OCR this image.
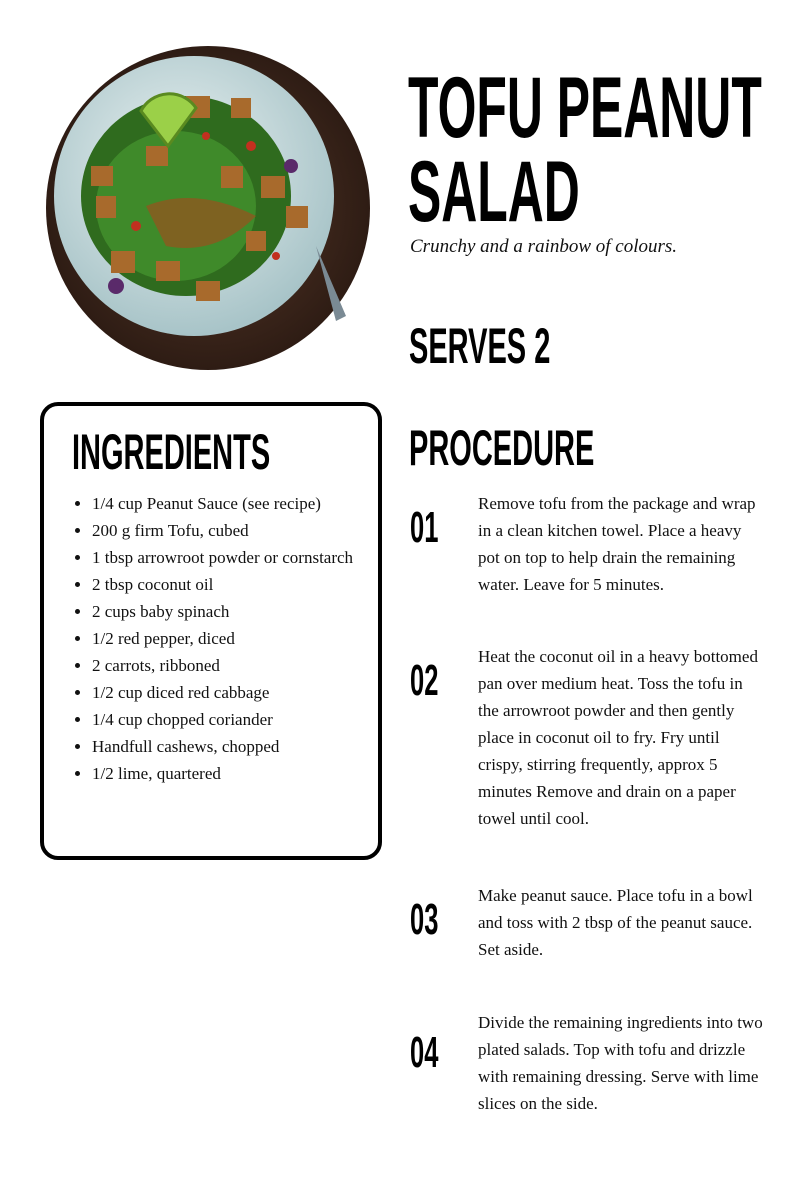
TOFU PEANUT
SALAD
Crunchy and a rainbow of colours.
SERVES 2
INGREDIENTS
• 1/4 cup Peanut Sauce (see recipe)
• 200 g firm Tofu, cubed
• 1 tbsp arrowroot powder or cornstarch
• 2 tbsp coconut oil
• 2 cups baby spinach
• 1/2 red pepper, diced
• 2 carrots, ribboned
• 1/2 cup diced red cabbage
• 1/4 cup chopped coriander
• Handfull cashews, chopped
• 1/2 lime, quartered
PROCEDURE
01 Remove tofu from the package and wrap in a clean kitchen towel. Place a heavy pot on top to help drain the remaining water. Leave for 5 minutes.

02 Heat the coconut oil in a heavy bottomed pan over medium heat. Toss the tofu in the arrowroot powder and then gently place in coconut oil to fry. Fry until crispy, stirring frequently, approx 5 minutes Remove and drain on a paper towel until cool.

03 Make peanut sauce. Place tofu in a bowl and toss with 2 tbsp of the peanut sauce. Set aside.

04

Divide the remaining ingredients into two plated salads. Top with tofu and drizzle with remaining dressing. Serve with lime slices on the side.
